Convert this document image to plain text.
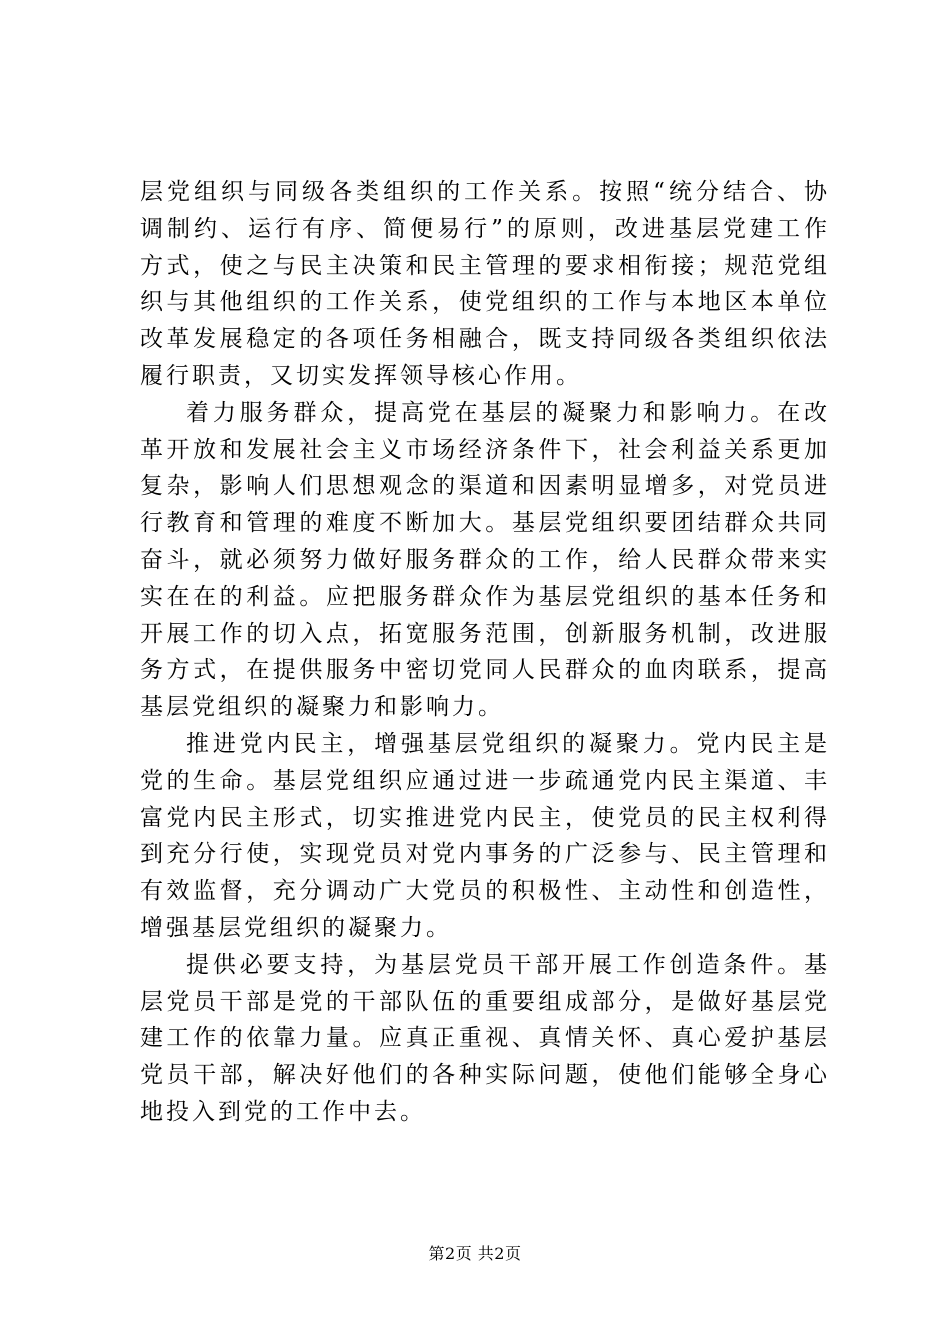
层党组织与同级各类组织的工作关系。按照“统分结合、协调制约、运行有序、简便易行”的原则，改进基层党建工作方式，使之与民主决策和民主管理的要求相衔接；规范党组织与其他组织的工作关系，使党组织的工作与本地区本单位改革发展稳定的各项任务相融合，既支持同级各类组织依法履行职责，又切实发挥领导核心作用。

着力服务群众，提高党在基层的凝聚力和影响力。在改革开放和发展社会主义市场经济条件下，社会利益关系更加复杂，影响人们思想观念的渠道和因素明显增多，对党员进行教育和管理的难度不断加大。基层党组织要团结群众共同奋斗，就必须努力做好服务群众的工作，给人民群众带来实实在在的利益。应把服务群众作为基层党组织的基本任务和开展工作的切入点，拓宽服务范围，创新服务机制，改进服务方式，在提供服务中密切党同人民群众的血肉联系，提高基层党组织的凝聚力和影响力。

推进党内民主，增强基层党组织的凝聚力。党内民主是党的生命。基层党组织应通过进一步疏通党内民主渠道、丰富党内民主形式，切实推进党内民主，使党员的民主权利得到充分行使，实现党员对党内事务的广泛参与、民主管理和有效监督，充分调动广大党员的积极性、主动性和创造性，增强基层党组织的凝聚力。

提供必要支持，为基层党员干部开展工作创造条件。基层党员干部是党的干部队伍的重要组成部分，是做好基层党建工作的依靠力量。应真正重视、真情关怀、真心爱护基层党员干部，解决好他们的各种实际问题，使他们能够全身心地投入到党的工作中去。

第2页 共2页
